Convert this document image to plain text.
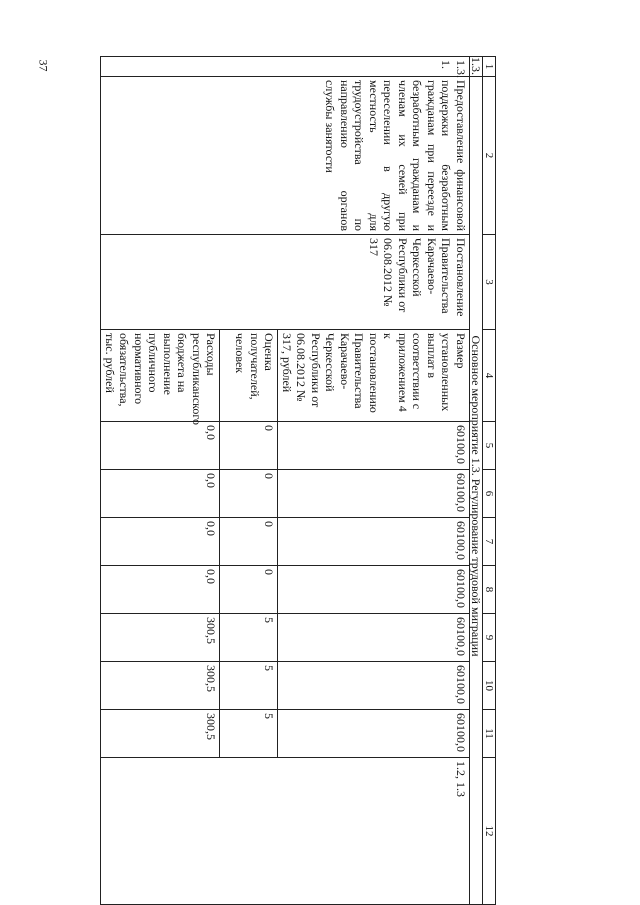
37	1	2	3	4	5	6	7	8	9	10	11	12
1.3.		Основное мероприятие 1.3. Регулирование трудовой миграции									
1.3.
1.	Предоставление финансовой поддержки безработным гражданам при переезде и безработным гражданам и членам их семей при переселении в другую местность для трудоустройства по направлению органов службы занятости	Постановление Правительства Карачаево-Черкесской Республики от 06.08.2012 № 317	Размер установленных выплат в соответствии с приложением 4 к постановлению Правительства Карачаево-Черкесской Республики от 06.08.2012 № 317, рублей	60100,0	60100,0	60100,0	60100,0	60100,0	60100,0	60100,0	1.2, 1.3
			Оценка получателей, человек	0	0	0	0	5	5	5	
			Расходы республиканского бюджета на выполнение публичного нормативного обязательства, тыс. рублей	0,0	0,0	0,0	0,0	300,5	300,5	300,5	
